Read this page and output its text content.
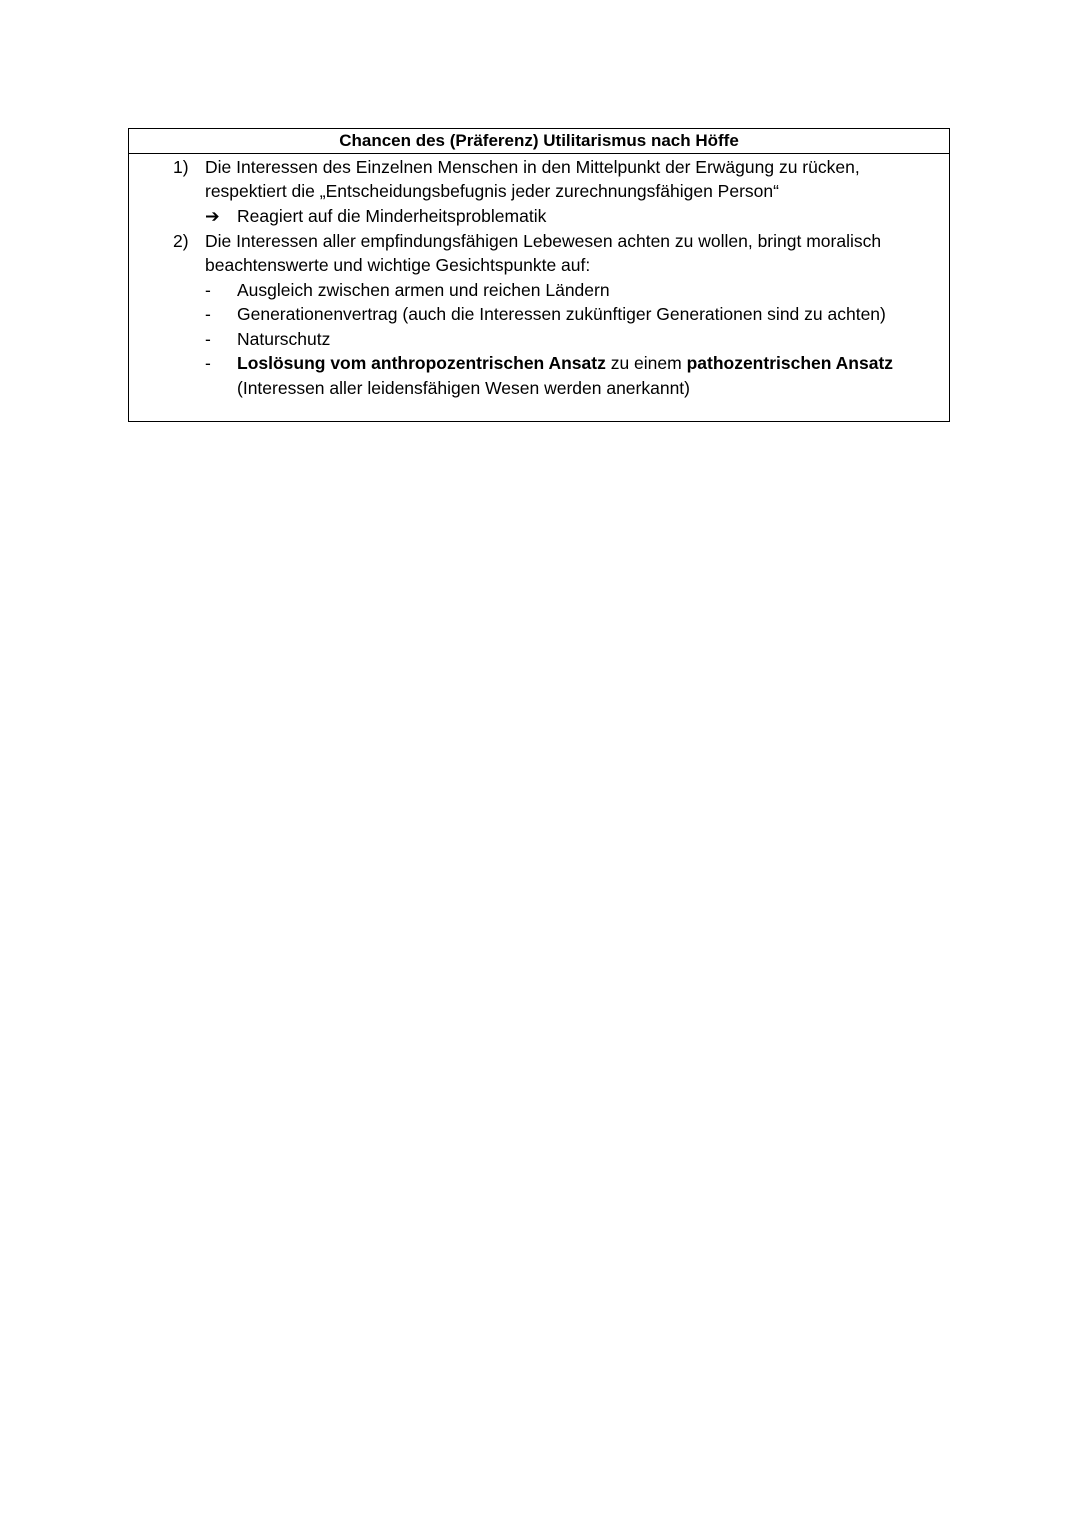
Chancen des (Präferenz) Utilitarismus nach Höffe
1) Die Interessen des Einzelnen Menschen in den Mittelpunkt der Erwägung zu rücken,
respektiert die „Entscheidungsbefugnis jeder zurechnungsfähigen Person“
➔ Reagiert auf die Minderheitsproblematik
2) Die Interessen aller empfindungsfähigen Lebewesen achten zu wollen, bringt moralisch
beachtenswerte und wichtige Gesichtspunkte auf:
-	Ausgleich zwischen armen und reichen Ländern
-	Generationenvertrag (auch die Interessen zukünftiger Generationen sind zu achten)
-	Naturschutz
-	Loslösung vom anthropozentrischen Ansatz zu einem pathozentrischen Ansatz
(Interessen aller leidensfähigen Wesen werden anerkannt)
